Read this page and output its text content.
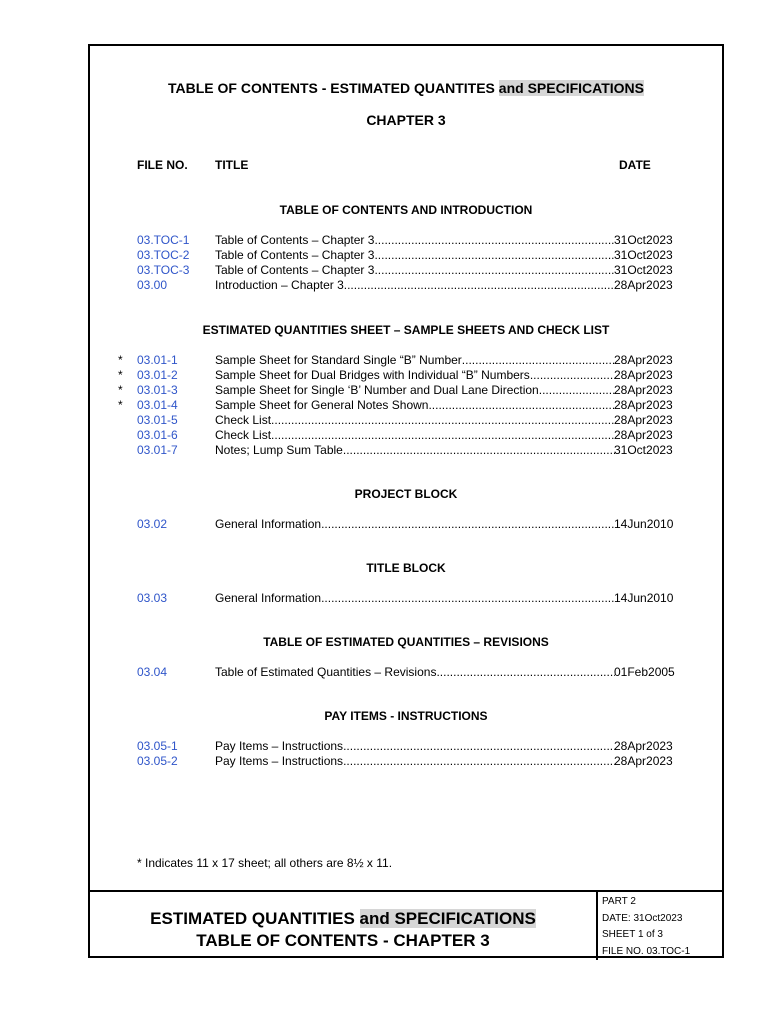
TABLE OF CONTENTS - ESTIMATED QUANTITES and SPECIFICATIONS
CHAPTER 3
FILE NO. TITLE	DATE
TABLE OF CONTENTS AND INTRODUCTION
03.TOC-1 Table of Contents – Chapter 3 .....	31Oct2023
03.TOC-2 Table of Contents – Chapter 3 .....	31Oct2023
03.TOC-3 Table of Contents – Chapter 3 .....	31Oct2023
03.00	Introduction – Chapter 3 .....	28Apr2023
ESTIMATED QUANTITIES SHEET – SAMPLE SHEETS AND CHECK LIST
* 03.01-1	Sample Sheet for Standard Single “B” Number .....	28Apr2023
* 03.01-2	Sample Sheet for Dual Bridges with Individual “B” Numbers .....	28Apr2023
* 03.01-3	Sample Sheet for Single ‘B’ Number and Dual Lane Direction .....	28Apr2023
* 03.01-4	Sample Sheet for General Notes Shown .....	28Apr2023
03.01-5	Check List .....	28Apr2023
03.01-6	Check List .....	28Apr2023
03.01-7	Notes; Lump Sum Table .....	31Oct2023
PROJECT BLOCK
03.02	General Information .....	14Jun2010
TITLE BLOCK
03.03	General Information .....	14Jun2010
TABLE OF ESTIMATED QUANTITIES – REVISIONS
03.04	Table of Estimated Quantities – Revisions .....	01Feb2005
PAY ITEMS - INSTRUCTIONS
03.05-1	Pay Items – Instructions .....	28Apr2023
03.05-2	Pay Items – Instructions .....	28Apr2023
* Indicates 11 x 17 sheet; all others are 8½ x 11.
ESTIMATED QUANTITIES and SPECIFICATIONS
TABLE OF CONTENTS - CHAPTER 3
PART 2
DATE: 31Oct2023
SHEET 1 of 3
FILE NO. 03.TOC-1
